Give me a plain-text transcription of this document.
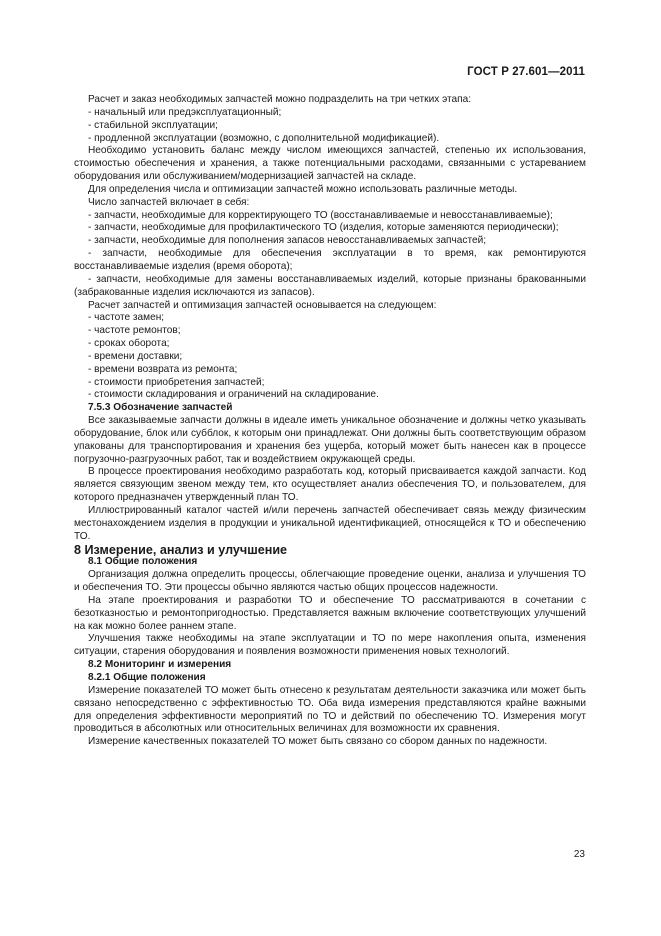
ГОСТ Р 27.601—2011

Расчет и заказ необходимых запчастей можно подразделить на три четких этапа:

- начальный или предэксплуатационный;

- стабильной эксплуатации;

- продленной эксплуатации (возможно, с дополнительной модификацией).

Необходимо установить баланс между числом имеющихся запчастей, степенью их использования, стоимостью обеспечения и хранения, а также потенциальными расходами, связанными с устареванием оборудования или обслуживанием/модернизацией запчастей на складе.

Для определения числа и оптимизации запчастей можно использовать различные методы.

Число запчастей включает в себя:

- запчасти, необходимые для корректирующего ТО (восстанавливаемые и невосстанавливаемые);

- запчасти, необходимые для профилактического ТО (изделия, которые заменяются периодически);

- запчасти, необходимые для пополнения запасов невосстанавливаемых запчастей;

- запчасти, необходимые для обеспечения эксплуатации в то время, как ремонтируются восстанавливаемые изделия (время оборота);

- запчасти, необходимые для замены восстанавливаемых изделий, которые признаны бракованными (забракованные изделия исключаются из запасов).

Расчет запчастей и оптимизация запчастей основывается на следующем:

- частоте замен;

- частоте ремонтов;

- сроках оборота;

- времени доставки;

- времени возврата из ремонта;

- стоимости приобретения запчастей;

- стоимости складирования и ограничений на складирование.

7.5.3 Обозначение запчастей

Все заказываемые запчасти должны в идеале иметь уникальное обозначение и должны четко указывать оборудование, блок или субблок, к которым они принадлежат. Они должны быть соответствующим образом упакованы для транспортирования и хранения без ущерба, который может быть нанесен как в процессе погрузочно-разгрузочных работ, так и воздействием окружающей среды.

В процессе проектирования необходимо разработать код, который присваивается каждой запчасти. Код является связующим звеном между тем, кто осуществляет анализ обеспечения ТО, и пользователем, для которого предназначен утвержденный план ТО.

Иллюстрированный каталог частей и/или перечень запчастей обеспечивает связь между физическим местонахождением изделия в продукции и уникальной идентификацией, относящейся к ТО и обеспечению ТО.

8 Измерение, анализ и улучшение

8.1 Общие положения

Организация должна определить процессы, облегчающие проведение оценки, анализа и улучшения ТО и обеспечения ТО. Эти процессы обычно являются частью общих процессов надежности.

На этапе проектирования и разработки ТО и обеспечение ТО рассматриваются в сочетании с безотказностью и ремонтопригодностью. Представляется важным включение соответствующих улучшений на как можно более раннем этапе.

Улучшения также необходимы на этапе эксплуатации и ТО по мере накопления опыта, изменения ситуации, старения оборудования и появления возможности применения новых технологий.

8.2 Мониторинг и измерения

8.2.1 Общие положения

Измерение показателей ТО может быть отнесено к результатам деятельности заказчика или может быть связано непосредственно с эффективностью ТО. Оба вида измерения представляются крайне важными для определения эффективности мероприятий по ТО и действий по обеспечению ТО. Измерения могут проводиться в абсолютных или относительных величинах для возможности их сравнения.

Измерение качественных показателей ТО может быть связано со сбором данных по надежности.

23
